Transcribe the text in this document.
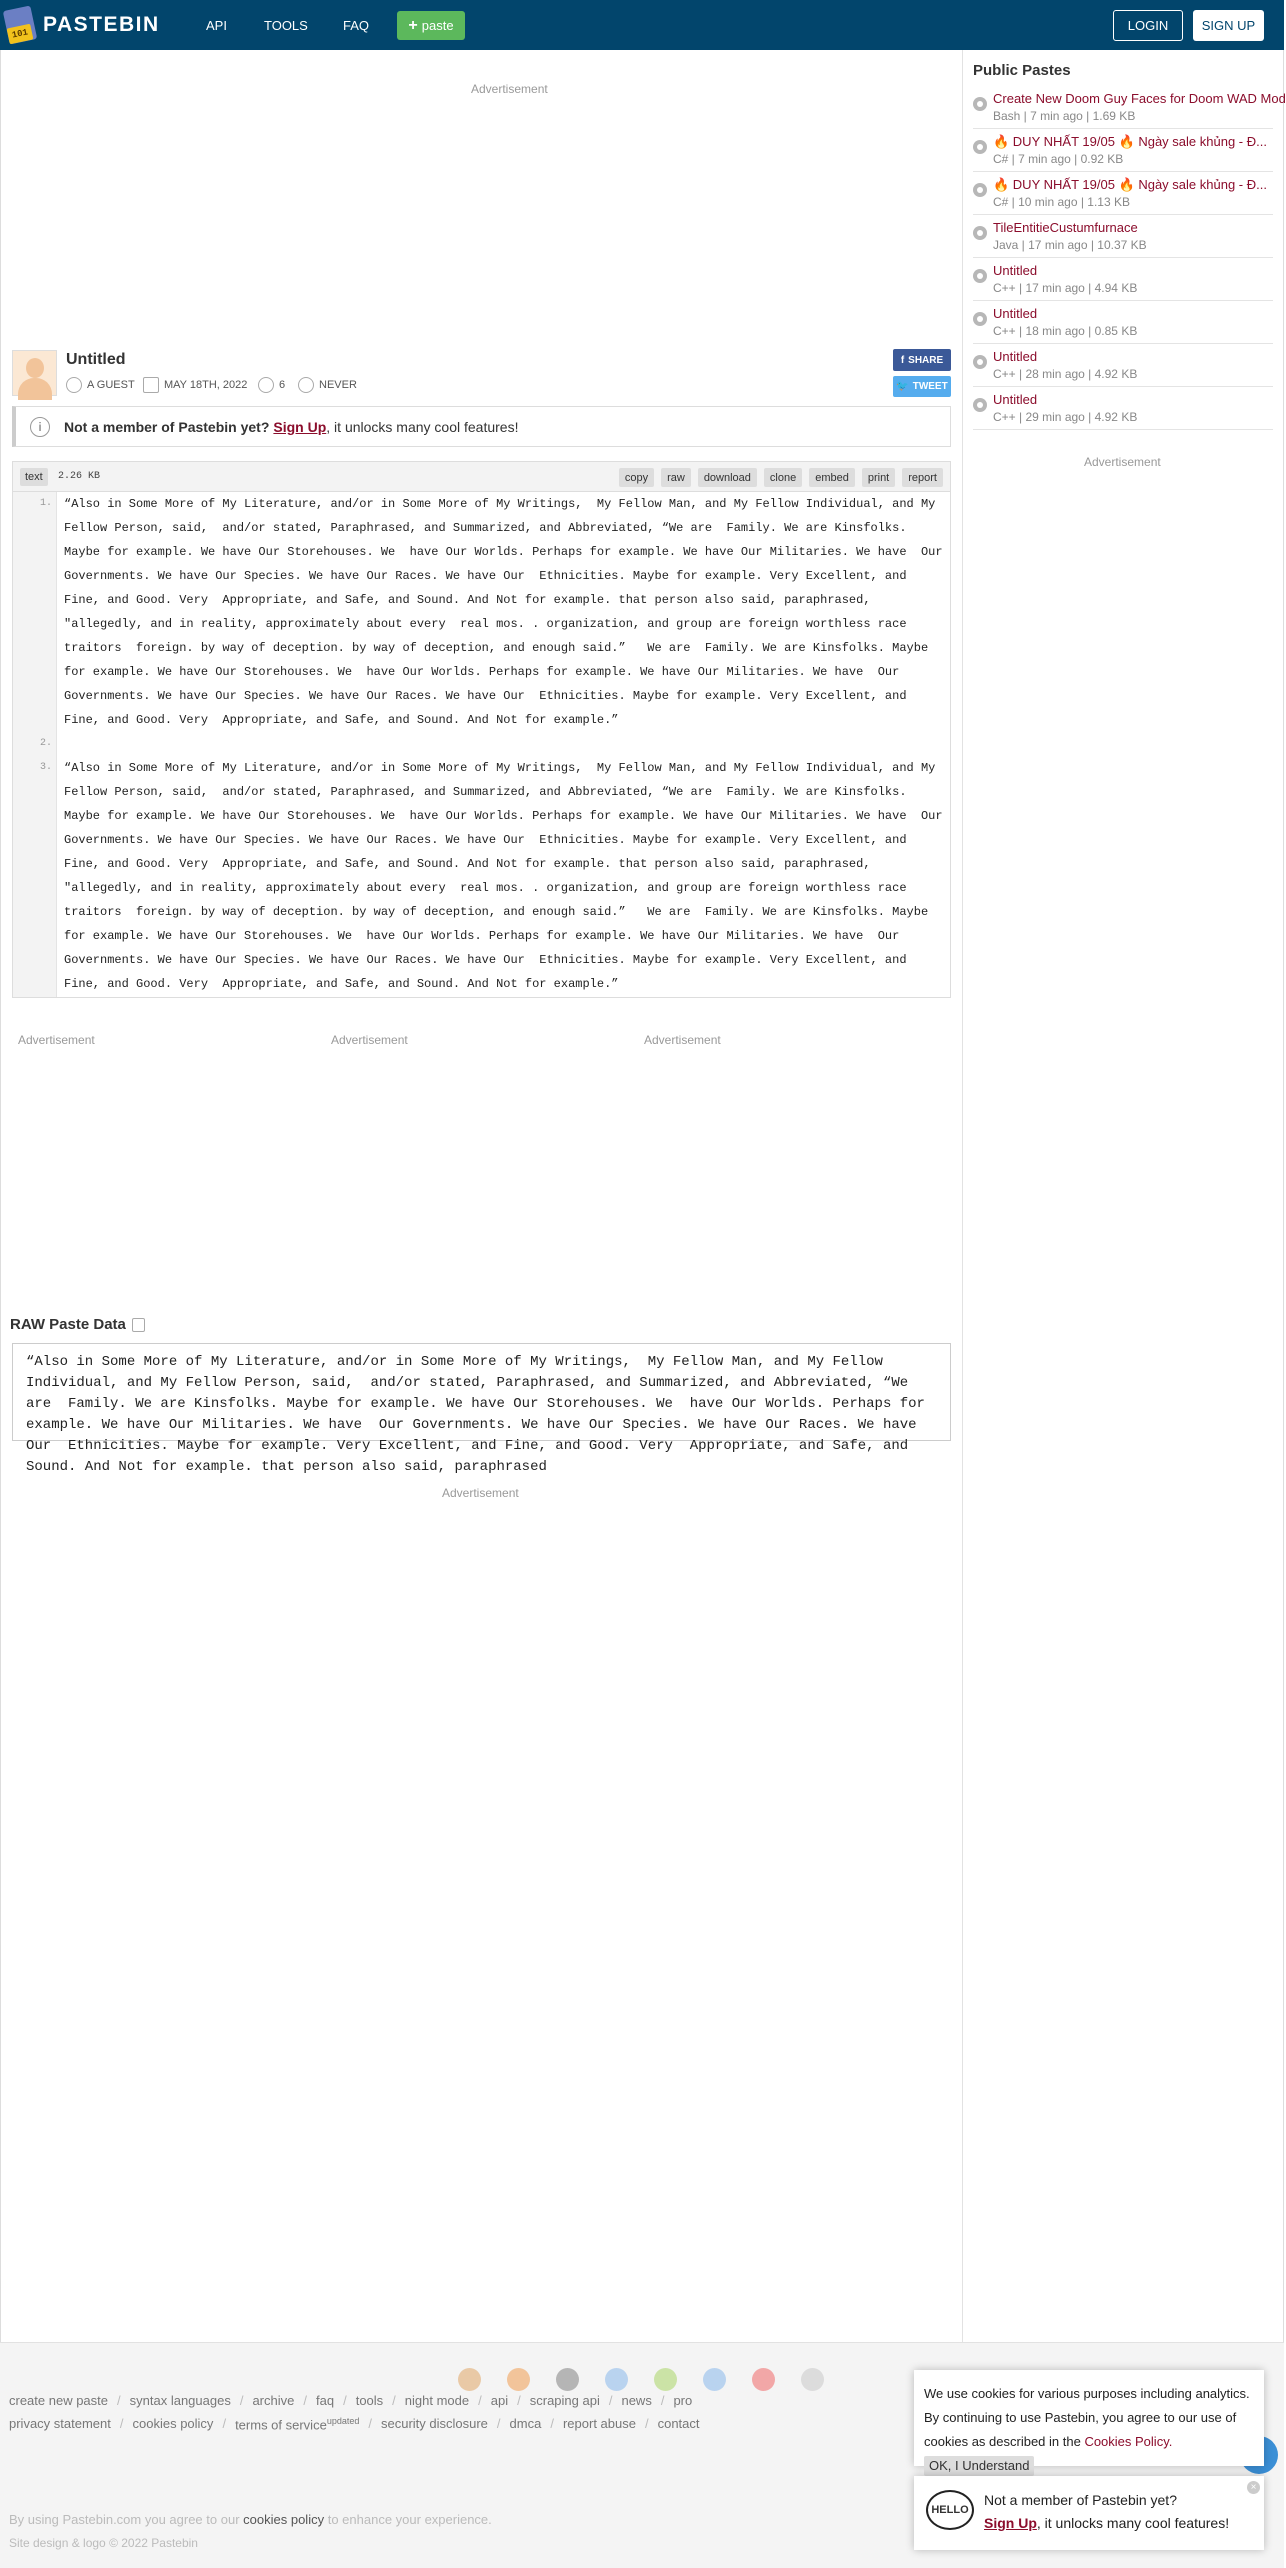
101 PASTEBIN	API	TOOLS	FAQ + paste	LOGIN	SIGN UP
Advertisement
Advertisement	Advertisement	Advertisement
Advertisement
Advertisement
Untitled
A GUEST	MAY 18TH, 2022	6	NEVER
f SHARE
🐦 TWEET
i	Not a member of Pastebin yet? Sign Up , it unlocks many cool features!
text	2.26 KB	copy	raw	download	clone	embed	print	report
1.
2.
3.
“Also in Some More of My Literature, and/or in Some More of My Writings,  My Fellow Man, and My Fellow Individual, and My Fellow Person, said,  and/or stated, Paraphrased, and Summarized, and Abbreviated, “We are  Family. We are Kinsfolks. Maybe for example. We have Our Storehouses. We  have Our Worlds. Perhaps for example. We have Our Militaries. We have  Our Governments. We have Our Species. We have Our Races. We have Our  Ethnicities. Maybe for example. Very Excellent, and Fine, and Good. Very  Appropriate, and Safe, and Sound. And Not for example. that person also said, paraphrased, "allegedly, and in reality, approximately about every  real mos. . organization, and group are foreign worthless race traitors  foreign. by way of deception. by way of deception, and enough said.”   We are  Family. We are Kinsfolks. Maybe for example. We have Our Storehouses. We  have Our Worlds. Perhaps for example. We have Our Militaries. We have  Our Governments. We have Our Species. We have Our Races. We have Our  Ethnicities. Maybe for example. Very Excellent, and Fine, and Good. Very  Appropriate, and Safe, and Sound. And Not for example.”
“Also in Some More of My Literature, and/or in Some More of My Writings,  My Fellow Man, and My Fellow Individual, and My Fellow Person, said,  and/or stated, Paraphrased, and Summarized, and Abbreviated, “We are  Family. We are Kinsfolks. Maybe for example. We have Our Storehouses. We  have Our Worlds. Perhaps for example. We have Our Militaries. We have  Our Governments. We have Our Species. We have Our Races. We have Our  Ethnicities. Maybe for example. Very Excellent, and Fine, and Good. Very  Appropriate, and Safe, and Sound. And Not for example. that person also said, paraphrased, "allegedly, and in reality, approximately about every  real mos. . organization, and group are foreign worthless race traitors  foreign. by way of deception. by way of deception, and enough said.”   We are  Family. We are Kinsfolks. Maybe for example. We have Our Storehouses. We  have Our Worlds. Perhaps for example. We have Our Militaries. We have  Our Governments. We have Our Species. We have Our Races. We have Our  Ethnicities. Maybe for example. Very Excellent, and Fine, and Good. Very  Appropriate, and Safe, and Sound. And Not for example.”
RAW Paste Data
“Also in Some More of My Literature, and/or in Some More of My Writings,  My Fellow Man, and My Fellow Individual, and My Fellow Person, said,  and/or stated, Paraphrased, and Summarized, and Abbreviated, “We are  Family. We are Kinsfolks. Maybe for example. We have Our Storehouses. We  have Our Worlds. Perhaps for example. We have Our Militaries. We have  Our Governments. We have Our Species. We have Our Races. We have Our  Ethnicities. Maybe for example. Very Excellent, and Fine, and Good. Very  Appropriate, and Safe, and Sound. And Not for example. that person also said, paraphrased
Public Pastes
Create New Doom Guy Faces for Doom WAD Mod
Bash | 7 min ago | 1.69 KB
🔥 DUY NHẤT 19/05 🔥 Ngày sale khủng - Đ...
C# | 7 min ago | 0.92 KB
🔥 DUY NHẤT 19/05 🔥 Ngày sale khủng - Đ...
C# | 10 min ago | 1.13 KB
TileEntitieCustumfurnace
Java | 17 min ago | 10.37 KB
Untitled
C++ | 17 min ago | 4.94 KB
Untitled
C++ | 18 min ago | 0.85 KB
Untitled
C++ | 28 min ago | 4.92 KB
Untitled
C++ | 29 min ago | 4.92 KB
create new paste / syntax languages / archive / faq / tools / night mode / api / scraping api / news / pro
privacy statement / cookies policy / terms of service$^{updated}$ / security disclosure / dmca / report abuse / contact
By using Pastebin.com you agree to our cookies policy to enhance your experience.
Site design & logo © 2022 Pastebin
We use cookies for various purposes including analytics. By continuing to use Pastebin, you agree to our use of cookies as described in the Cookies Policy. OK, I Understand
HELLO
Not a member of Pastebin yet?
Sign Up, it unlocks many cool features!
×
